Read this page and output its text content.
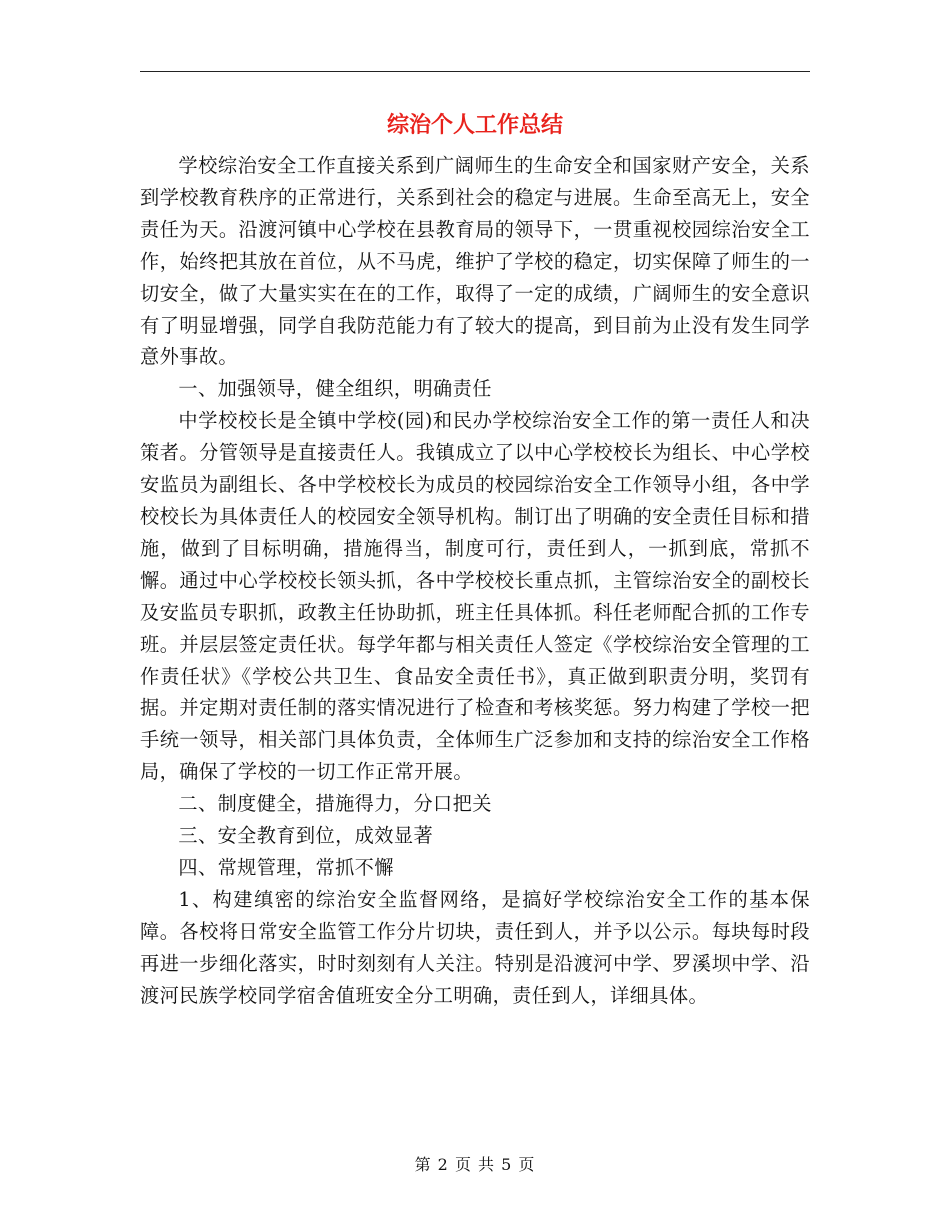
综治个人工作总结

学校综治安全工作直接关系到广阔师生的生命安全和国家财产安全，关系到学校教育秩序的正常进行，关系到社会的稳定与进展。生命至高无上，安全责任为天。沿渡河镇中心学校在县教育局的领导下，一贯重视校园综治安全工作，始终把其放在首位，从不马虎，维护了学校的稳定，切实保障了师生的一切安全，做了大量实实在在的工作，取得了一定的成绩，广阔师生的安全意识有了明显增强，同学自我防范能力有了较大的提高，到目前为止没有发生同学意外事故。

一、加强领导，健全组织，明确责任

中学校校长是全镇中学校(园)和民办学校综治安全工作的第一责任人和决策者。分管领导是直接责任人。我镇成立了以中心学校校长为组长、中心学校安监员为副组长、各中学校校长为成员的校园综治安全工作领导小组，各中学校校长为具体责任人的校园安全领导机构。制订出了明确的安全责任目标和措施，做到了目标明确，措施得当，制度可行，责任到人，一抓到底，常抓不懈。通过中心学校校长领头抓，各中学校校长重点抓，主管综治安全的副校长及安监员专职抓，政教主任协助抓，班主任具体抓。科任老师配合抓的工作专班。并层层签定责任状。每学年都与相关责任人签定《学校综治安全管理的工作责任状》《学校公共卫生、食品安全责任书》，真正做到职责分明，奖罚有据。并定期对责任制的落实情况进行了检查和考核奖惩。努力构建了学校一把手统一领导，相关部门具体负责，全体师生广泛参加和支持的综治安全工作格局，确保了学校的一切工作正常开展。

二、制度健全，措施得力，分口把关

三、安全教育到位，成效显著

四、常规管理，常抓不懈

1、构建缜密的综治安全监督网络，是搞好学校综治安全工作的基本保障。各校将日常安全监管工作分片切块，责任到人，并予以公示。每块每时段再进一步细化落实，时时刻刻有人关注。特别是沿渡河中学、罗溪坝中学、沿渡河民族学校同学宿舍值班安全分工明确，责任到人，详细具体。

第 2 页 共 5 页
